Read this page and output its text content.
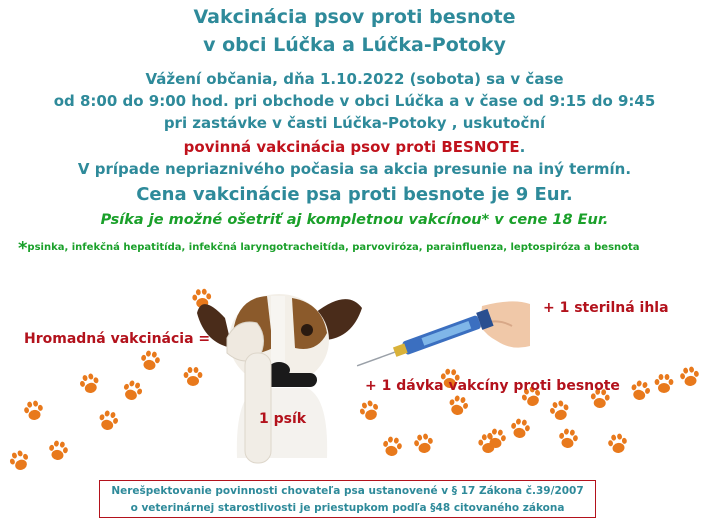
Vakcinácia psov proti besnote
v obci Lúčka a Lúčka-Potoky
Vážení občania, dňa 1.10.2022 (sobota) sa v čase
od 8:00 do 9:00 hod. pri obchode v obci Lúčka a v čase od 9:15 do 9:45
pri zastávke v časti Lúčka-Potoky , uskutoční
povinná vakcinácia psov proti BESNOTE.
V prípade nepriaznivého počasia sa akcia presunie na iný termín.
Cena vakcinácie psa proti besnote je 9 Eur.
Psíka je možné ošetriť aj kompletnou vakcínou* v cene 18 Eur.
*psinka, infekčná hepatitída, infekčná laryngotracheitída, parvoviróza, parainfluenza, leptospiróza a besnota
Hromadná vakcinácia =
1 psík
+ 1 sterilná ihla
+ 1 dávka vakcíny proti besnote
Nerešpektovanie povinnosti chovateľa psa ustanovené v § 17 Zákona č.39/2007
o veterinárnej starostlivosti je priestupkom podľa §48 citovaného zákona
